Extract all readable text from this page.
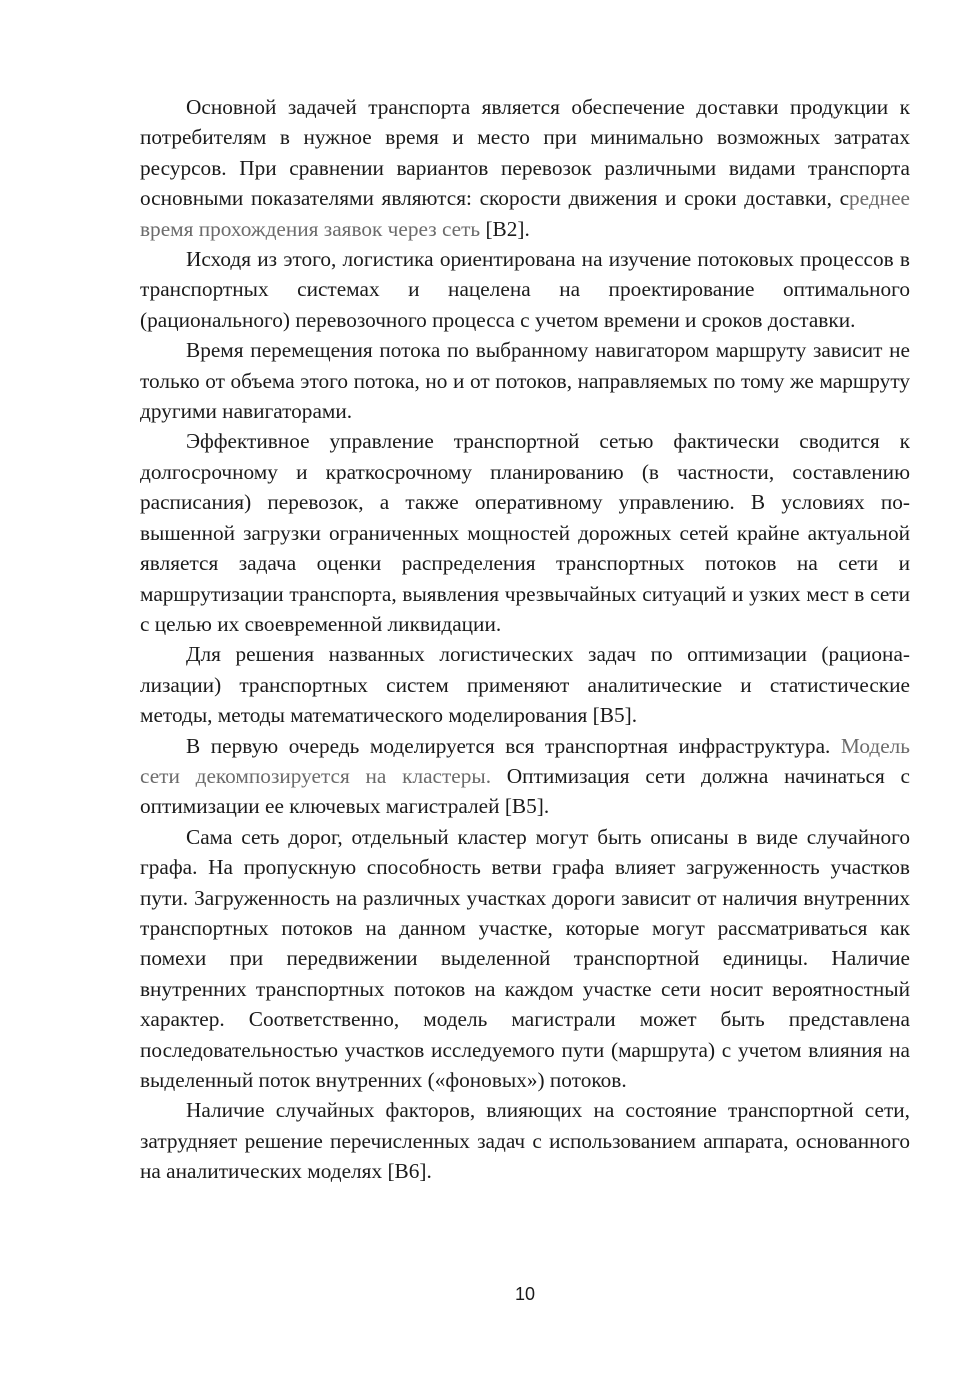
Основной задачей транспорта является обеспечение доставки продукции к потребителям в нужное время и место при минимально возможных затратах ресурсов. При сравнении вариантов перевозок различными видами транспорта основными показателями являются: скорости движения и сроки доставки, среднее время прохождения заявок через сеть [В2].

Исходя из этого, логистика ориентирована на изучение потоковых процессов в транспортных системах и нацелена на проектирование оптимального (рационального) перевозочного процесса с учетом времени и сроков доставки.

Время перемещения потока по выбранному навигатором маршруту зависит не только от объема этого потока, но и от потоков, направляемых по тому же маршруту другими навигаторами.

Эффективное управление транспортной сетью фактически сводится к долгосрочному и краткосрочному планированию (в частности, составлению расписания) перевозок, а также оперативному управлению. В условиях повышенной загрузки ограниченных мощностей дорожных сетей крайне актуальной является задача оценки распределения транспортных потоков на сети и маршрутизации транспорта, выявления чрезвычайных ситуаций и узких мест в сети с целью их своевременной ликвидации.

Для решения названных логистических задач по оптимизации (рационализации) транспортных систем применяют аналитические и статистические методы, методы математического моделирования [В5].

В первую очередь моделируется вся транспортная инфраструктура. Модель сети декомпозируется на кластеры. Оптимизация сети должна начинаться с оптимизации ее ключевых магистралей [В5].

Сама сеть дорог, отдельный кластер могут быть описаны в виде случайного графа. На пропускную способность ветви графа влияет загруженность участков пути. Загруженность на различных участках дороги зависит от наличия внутренних транспортных потоков на данном участке, которые могут рассматриваться как помехи при передвижении выделенной транспортной единицы. Наличие внутренних транспортных потоков на каждом участке сети носит вероятностный характер. Соответственно, модель магистрали может быть представлена последовательностью участков исследуемого пути (маршрута) с учетом влияния на выделенный поток внутренних («фоновых») потоков.

Наличие случайных факторов, влияющих на состояние транспортной сети, затрудняет решение перечисленных задач с использованием аппарата, основанного на аналитических моделях [В6].

10
